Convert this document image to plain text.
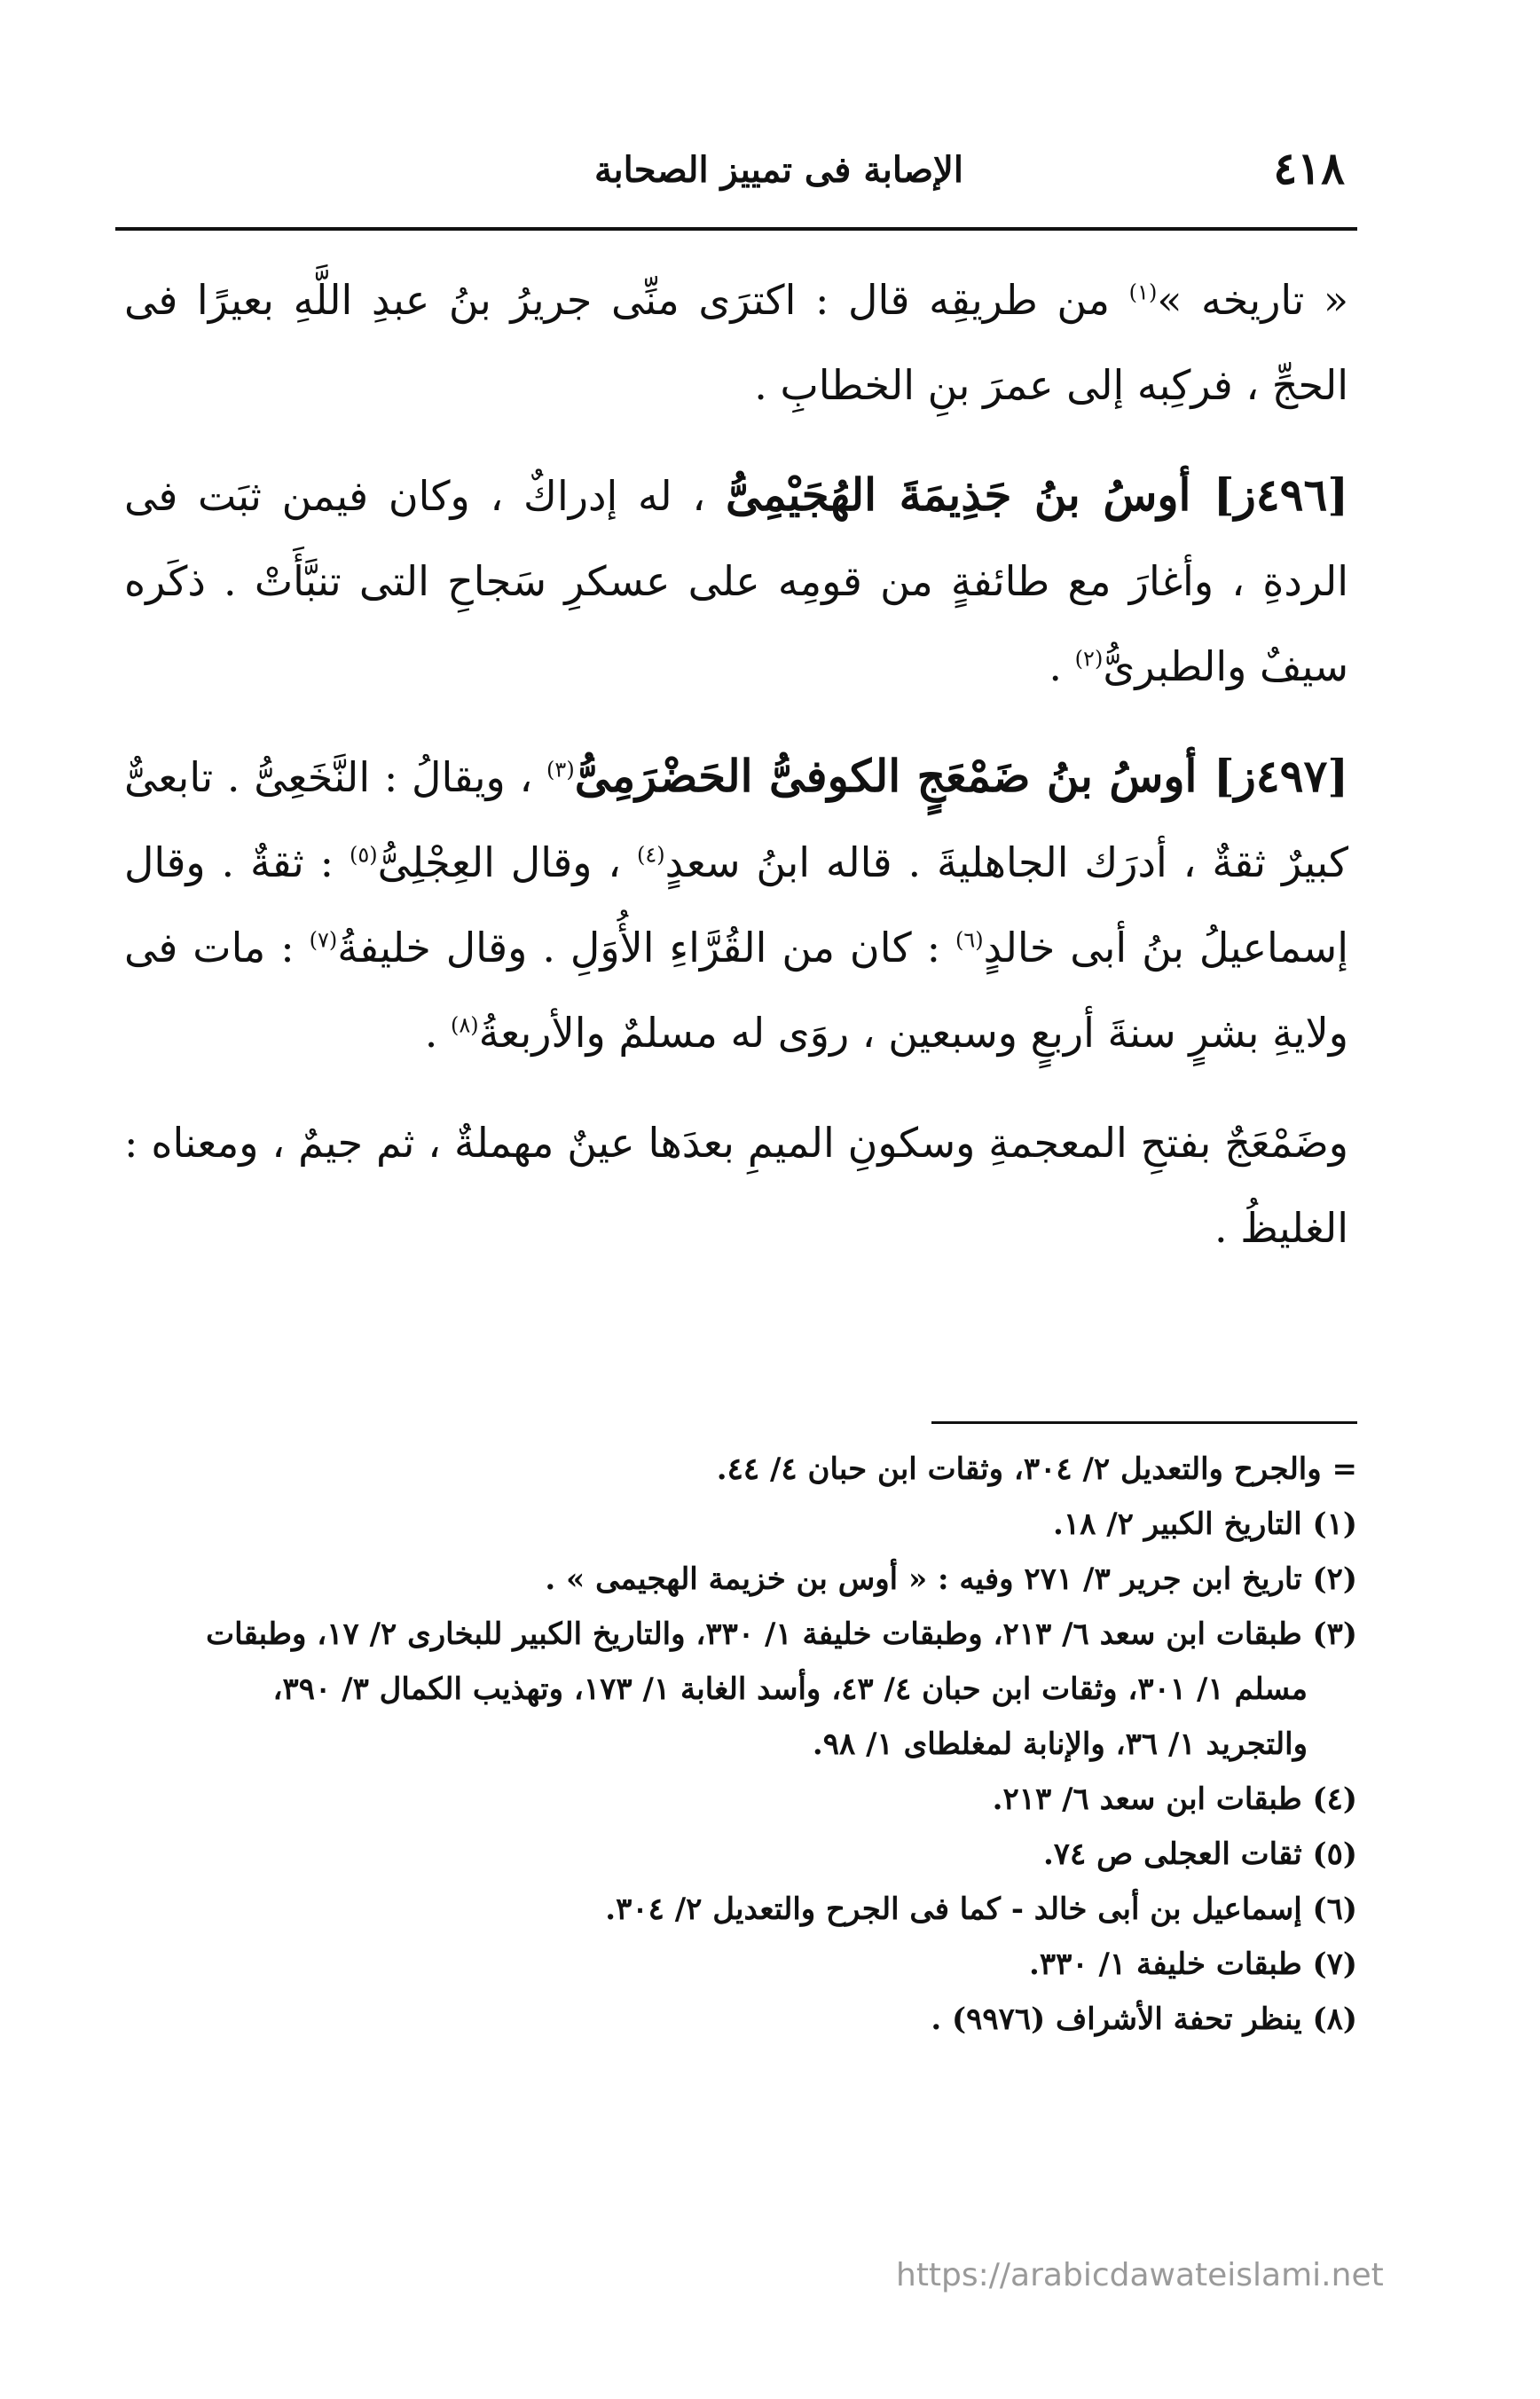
٤١٨
الإصابة فى تمييز الصحابة

« تاريخه »$^{(١)}$ من طريقِه قال : اكترَى منِّى جريرُ بنُ عبدِ اللَّهِ بعيرًا فى الحجِّ ، فركِبه إلى عمرَ بنِ الخطابِ .

[٤٩٦ز] أوسُ بنُ جَذِيمَةَ الهُجَيْمِىُّ ، له إدراكٌ ، وكان فيمن ثبَت فى الردةِ ، وأغارَ مع طائفةٍ من قومِه على عسكرِ سَجاحِ التى تنبَّأَتْ . ذكَره سيفٌ والطبرىُّ$^{(٢)}$ .

[٤٩٧ز] أوسُ بنُ ضَمْعَجٍ الكوفىُّ الحَضْرَمِىُّ$^{(٣)}$ ، ويقالُ : النَّخَعِىُّ . تابعىٌّ كبيرٌ ثقةٌ ، أدرَك الجاهليةَ . قاله ابنُ سعدٍ$^{(٤)}$ ، وقال العِجْلِىُّ$^{(٥)}$ : ثقةٌ . وقال إسماعيلُ بنُ أبى خالدٍ$^{(٦)}$ : كان من القُرَّاءِ الأُوَلِ . وقال خليفةُ$^{(٧)}$ : مات فى ولايةِ بشرٍ سنةَ أربعٍ وسبعين ، روَى له مسلمٌ والأربعةُ$^{(٨)}$ .

وضَمْعَجٌ بفتحِ المعجمةِ وسكونِ الميمِ بعدَها عينٌ مهملةٌ ، ثم جيمٌ ، ومعناه : الغليظُ .

= والجرح والتعديل ٢/ ٣٠٤، وثقات ابن حبان ٤/ ٤٤.

(١) التاريخ الكبير ٢/ ١٨.

(٢) تاريخ ابن جرير ٣/ ٢٧١ وفيه : « أوس بن خزيمة الهجيمى » .

(٣) طبقات ابن سعد ٦/ ٢١٣، وطبقات خليفة ١/ ٣٣٠، والتاريخ الكبير للبخارى ٢/ ١٧، وطبقات

مسلم ١/ ٣٠١، وثقات ابن حبان ٤/ ٤٣، وأسد الغابة ١/ ١٧٣، وتهذيب الكمال ٣/ ٣٩٠،

والتجريد ١/ ٣٦، والإنابة لمغلطاى ١/ ٩٨.

(٤) طبقات ابن سعد ٦/ ٢١٣.

(٥) ثقات العجلى ص ٧٤.

(٦) إسماعيل بن أبى خالد - كما فى الجرح والتعديل ٢/ ٣٠٤.

(٧) طبقات خليفة ١/ ٣٣٠.

(٨) ينظر تحفة الأشراف (٩٩٧٦) .

https://arabicdawateislami.net
